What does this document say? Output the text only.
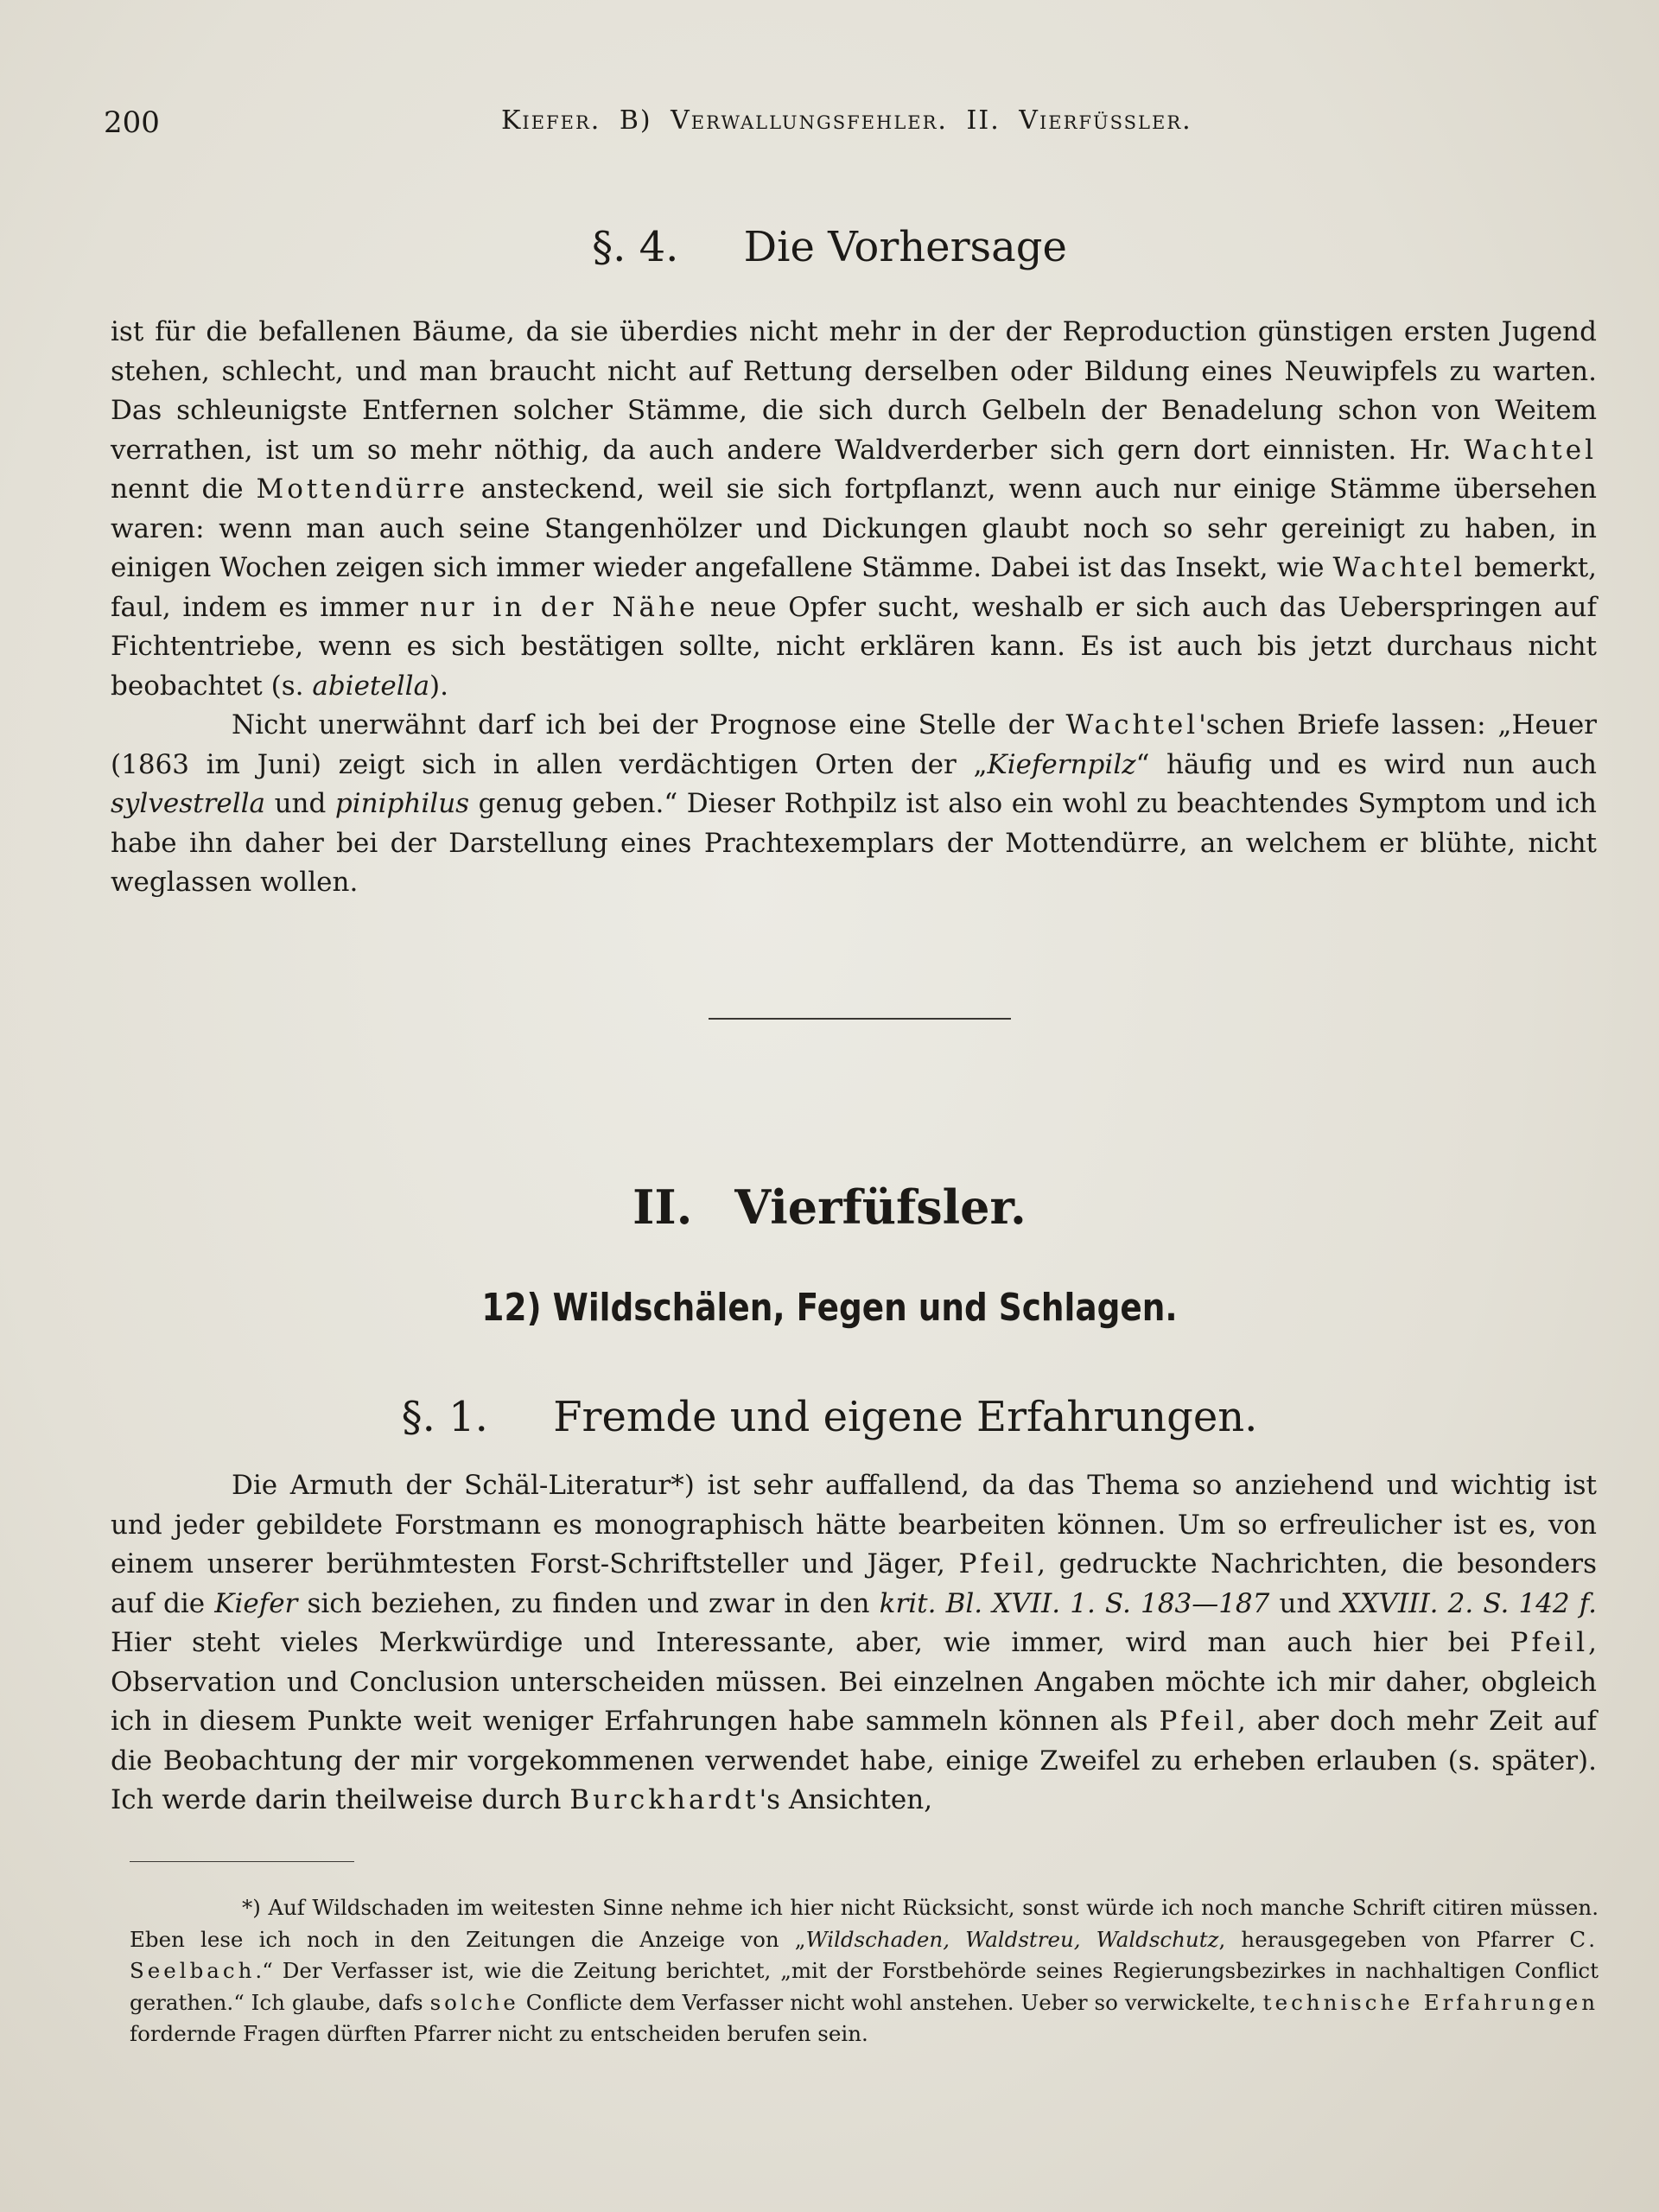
200	Kiefer. B) Verwallungsfehler. II. Vierfüssler.
§. 4. Die Vorhersage

ist für die befallenen Bäume, da sie überdies nicht mehr in der der Reproduction günstigen ersten Jugend stehen, schlecht, und man braucht nicht auf Rettung derselben oder Bildung eines Neuwipfels zu warten. Das schleunigste Entfernen solcher Stämme, die sich durch Gelbeln der Benadelung schon von Weitem verrathen, ist um so mehr nöthig, da auch andere Waldverderber sich gern dort einnisten. Hr. Wachtel nennt die Mottendürre ansteckend, weil sie sich fortpflanzt, wenn auch nur einige Stämme übersehen waren: wenn man auch seine Stangenhölzer und Dickungen glaubt noch so sehr gereinigt zu haben, in einigen Wochen zeigen sich immer wieder angefallene Stämme. Dabei ist das Insekt, wie Wachtel bemerkt, faul, indem es immer nur in der Nähe neue Opfer sucht, weshalb er sich auch das Ueberspringen auf Fichtentriebe, wenn es sich bestätigen sollte, nicht erklären kann. Es ist auch bis jetzt durchaus nicht beobachtet (s. abietella).

Nicht unerwähnt darf ich bei der Prognose eine Stelle der Wachtel'schen Briefe lassen: „Heuer (1863 im Juni) zeigt sich in allen verdächtigen Orten der „Kiefernpilz“ häufig und es wird nun auch sylvestrella und piniphilus genug geben.“ Dieser Rothpilz ist also ein wohl zu beachtendes Symptom und ich habe ihn daher bei der Darstellung eines Prachtexemplars der Mottendürre, an welchem er blühte, nicht weglassen wollen.

II. Vierfüfsler.
12) Wildschälen, Fegen und Schlagen.
§. 1. Fremde und eigene Erfahrungen.

Die Armuth der Schäl-Literatur*) ist sehr auffallend, da das Thema so anziehend und wichtig ist und jeder gebildete Forstmann es monographisch hätte bearbeiten können. Um so erfreulicher ist es, von einem unserer berühmtesten Forst-Schriftsteller und Jäger, Pfeil, gedruckte Nachrichten, die besonders auf die Kiefer sich beziehen, zu finden und zwar in den krit. Bl. XVII. 1. S. 183—187 und XXVIII. 2. S. 142 f. Hier steht vieles Merkwürdige und Interessante, aber, wie immer, wird man auch hier bei Pfeil, Observation und Conclusion unterscheiden müssen. Bei einzelnen Angaben möchte ich mir daher, obgleich ich in diesem Punkte weit weniger Erfahrungen habe sammeln können als Pfeil, aber doch mehr Zeit auf die Beobachtung der mir vorgekommenen verwendet habe, einige Zweifel zu erheben erlauben (s. später). Ich werde darin theilweise durch Burckhardt's Ansichten,

*) Auf Wildschaden im weitesten Sinne nehme ich hier nicht Rücksicht, sonst würde ich noch manche Schrift citiren müssen. Eben lese ich noch in den Zeitungen die Anzeige von „Wildschaden, Waldstreu, Waldschutz, herausgegeben von Pfarrer C. Seelbach.“ Der Verfasser ist, wie die Zeitung berichtet, „mit der Forstbehörde seines Regierungsbezirkes in nachhaltigen Conflict gerathen.“ Ich glaube, dafs solche Conflicte dem Verfasser nicht wohl anstehen. Ueber so verwickelte, technische Erfahrungen fordernde Fragen dürften Pfarrer nicht zu entscheiden berufen sein.
